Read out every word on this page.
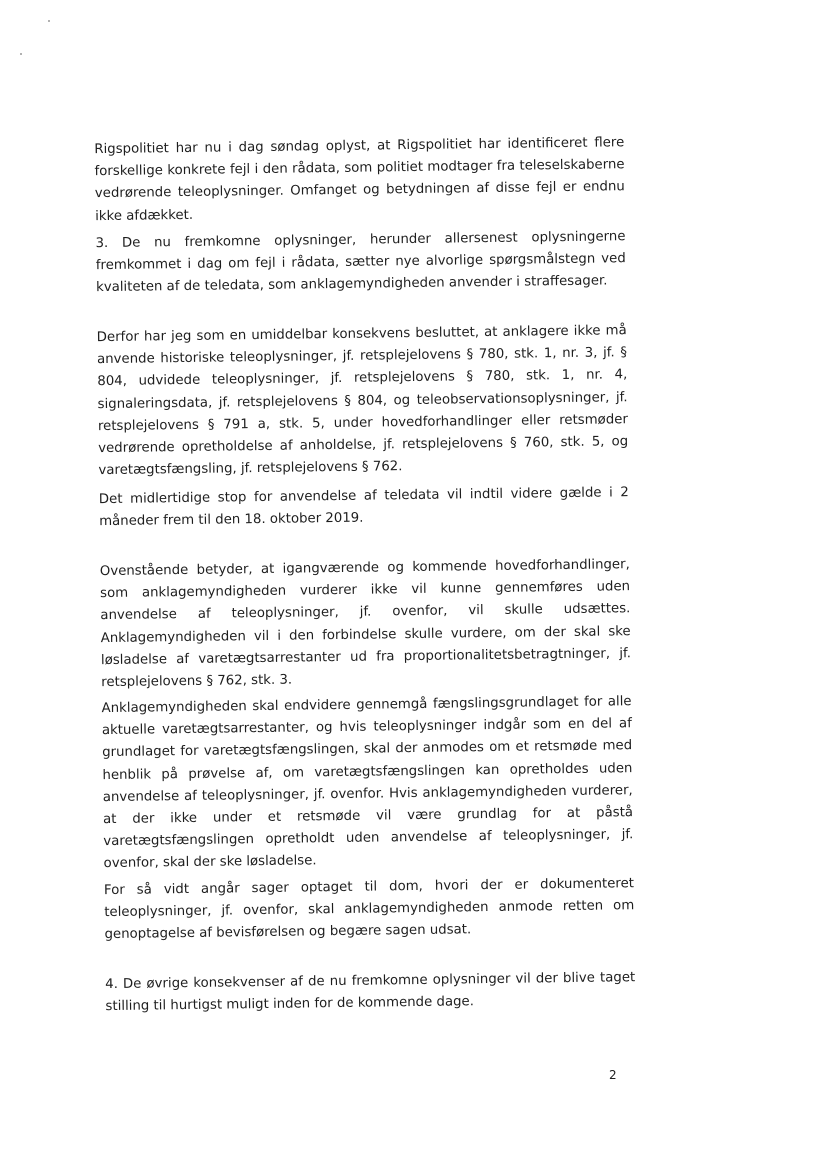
Rigspolitiet har nu i dag søndag oplyst, at Rigspolitiet har identificeret flere forskellige konkrete fejl i den rådata, som politiet modtager fra teleselskaberne vedrørende teleoplysninger. Omfanget og betydningen af disse fejl er endnu ikke afdækket.

3. De nu fremkomne oplysninger, herunder allersenest oplysningerne fremkommet i dag om fejl i rådata, sætter nye alvorlige spørgsmålstegn ved kvaliteten af de teledata, som anklagemyndigheden anvender i straffesager.

Derfor har jeg som en umiddelbar konsekvens besluttet, at anklagere ikke må anvende historiske teleoplysninger, jf. retsplejelovens § 780, stk. 1, nr. 3, jf. § 804, udvidede teleoplysninger, jf. retsplejelovens § 780, stk. 1, nr. 4, signaleringsdata, jf. retsplejelovens § 804, og teleobservationsoplysninger, jf. retsplejelovens § 791 a, stk. 5, under hovedforhandlinger eller retsmøder vedrørende opretholdelse af anholdelse, jf. retsplejelovens § 760, stk. 5, og varetægtsfængsling, jf. retsplejelovens § 762.

Det midlertidige stop for anvendelse af teledata vil indtil videre gælde i 2 måneder frem til den 18. oktober 2019.

Ovenstående betyder, at igangværende og kommende hovedforhandlinger, som anklagemyndigheden vurderer ikke vil kunne gennemføres uden anvendelse af teleoplysninger, jf. ovenfor, vil skulle udsættes. Anklagemyndigheden vil i den forbindelse skulle vurdere, om der skal ske løsladelse af varetægtsarrestanter ud fra proportionalitetsbetragtninger, jf. retsplejelovens § 762, stk. 3.

Anklagemyndigheden skal endvidere gennemgå fængslingsgrundlaget for alle aktuelle varetægtsarrestanter, og hvis teleoplysninger indgår som en del af grundlaget for varetægtsfængslingen, skal der anmodes om et retsmøde med henblik på prøvelse af, om varetægtsfængslingen kan opretholdes uden anvendelse af teleoplysninger, jf. ovenfor. Hvis anklagemyndigheden vurderer, at der ikke under et retsmøde vil være grundlag for at påstå varetægtsfængslingen opretholdt uden anvendelse af teleoplysninger, jf. ovenfor, skal der ske løsladelse.

For så vidt angår sager optaget til dom, hvori der er dokumenteret teleoplysninger, jf. ovenfor, skal anklagemyndigheden anmode retten om genoptagelse af bevisførelsen og begære sagen udsat.

4. De øvrige konsekvenser af de nu fremkomne oplysninger vil der blive taget stilling til hurtigst muligt inden for de kommende dage.

2
